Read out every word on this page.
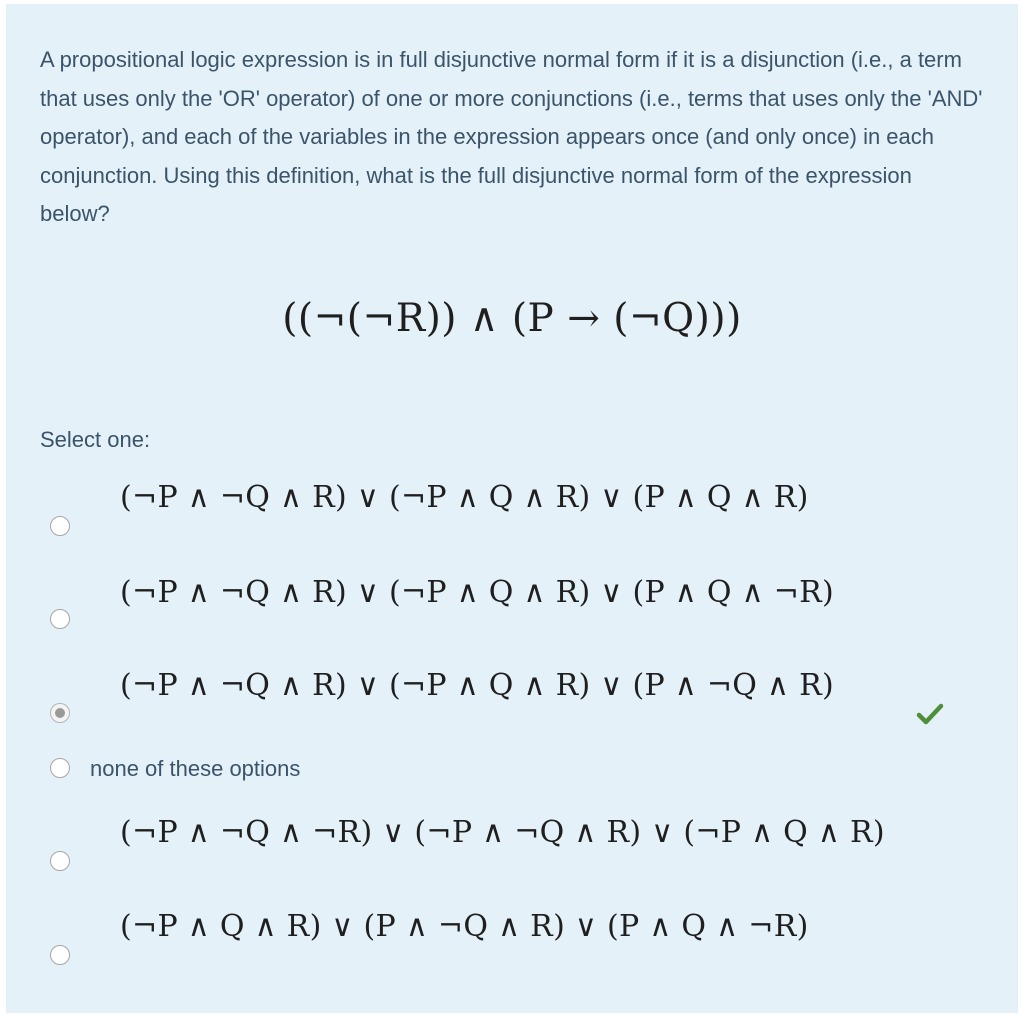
A propositional logic expression is in full disjunctive normal form if it is a disjunction (i.e., a term that uses only the 'OR' operator) of one or more conjunctions (i.e., terms that uses only the 'AND' operator), and each of the variables in the expression appears once (and only once) in each conjunction. Using this definition, what is the full disjunctive normal form of the expression below?
((¬(¬R)) ∧ (P → (¬Q)))
Select one:
(¬P ∧ ¬Q ∧ R) ∨ (¬P ∧ Q ∧ R) ∨ (P ∧ Q ∧ R)
(¬P ∧ ¬Q ∧ R) ∨ (¬P ∧ Q ∧ R) ∨ (P ∧ Q ∧ ¬R)
(¬P ∧ ¬Q ∧ R) ∨ (¬P ∧ Q ∧ R) ∨ (P ∧ ¬Q ∧ R)
none of these options
(¬P ∧ ¬Q ∧ ¬R) ∨ (¬P ∧ ¬Q ∧ R) ∨ (¬P ∧ Q ∧ R)
(¬P ∧ Q ∧ R) ∨ (P ∧ ¬Q ∧ R) ∨ (P ∧ Q ∧ ¬R)
